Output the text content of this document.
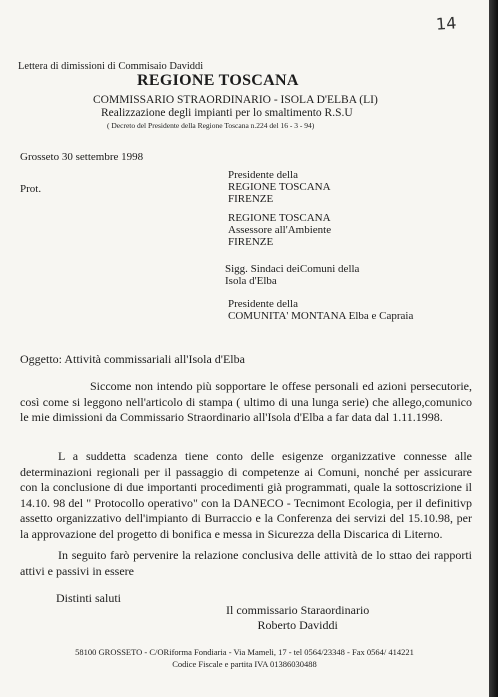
14
Lettera di dimissioni di Commisaio Daviddi
REGIONE TOSCANA
COMMISSARIO STRAORDINARIO - ISOLA D'ELBA (LI)
Realizzazione degli impianti per lo smaltimento R.S.U
( Decreto del Presidente della Regione Toscana n.224 del 16 - 3 - 94)
Grosseto 30 settembre 1998
Prot.
Presidente della
REGIONE TOSCANA
FIRENZE
REGIONE TOSCANA
Assessore all'Ambiente
FIRENZE
Sigg. Sindaci deiComuni della
Isola d'Elba
Presidente della
COMUNITA' MONTANA Elba e Capraia
Oggetto: Attività commissariali all'Isola d'Elba
Siccome non intendo più sopportare le offese personali ed azioni persecutorie, così come si leggono nell'articolo di stampa ( ultimo di una lunga serie) che allego,comunico le mie dimissioni da Commissario Straordinario all'Isola d'Elba a far data dal 1.11.1998.
L a suddetta scadenza tiene conto delle esigenze organizzative connesse alle determinazioni regionali per il passaggio di competenze ai Comuni, nonché per assicurare con la conclusione di due importanti procedimenti già programmati, quale la sottoscrizione il 14.10. 98 del " Protocollo operativo" con la DANECO - Tecnimont Ecologia, per il definitivp assetto organizzativo dell'impianto di Burraccio e la Conferenza dei servizi del 15.10.98, per la approvazione del progetto di bonifica e messa in Sicurezza della Discarica di Literno.
In seguito farò pervenire la relazione conclusiva delle attività de lo sttao dei rapporti attivi e passivi in essere
Distinti saluti
Il commissario Staraordinario
Roberto Daviddi
58100 GROSSETO - C/ORiforma Fondiaria - Via Mameli, 17 - tel 0564/23348 - Fax 0564/ 414221
Codice Fiscale e partita IVA 01386030488
